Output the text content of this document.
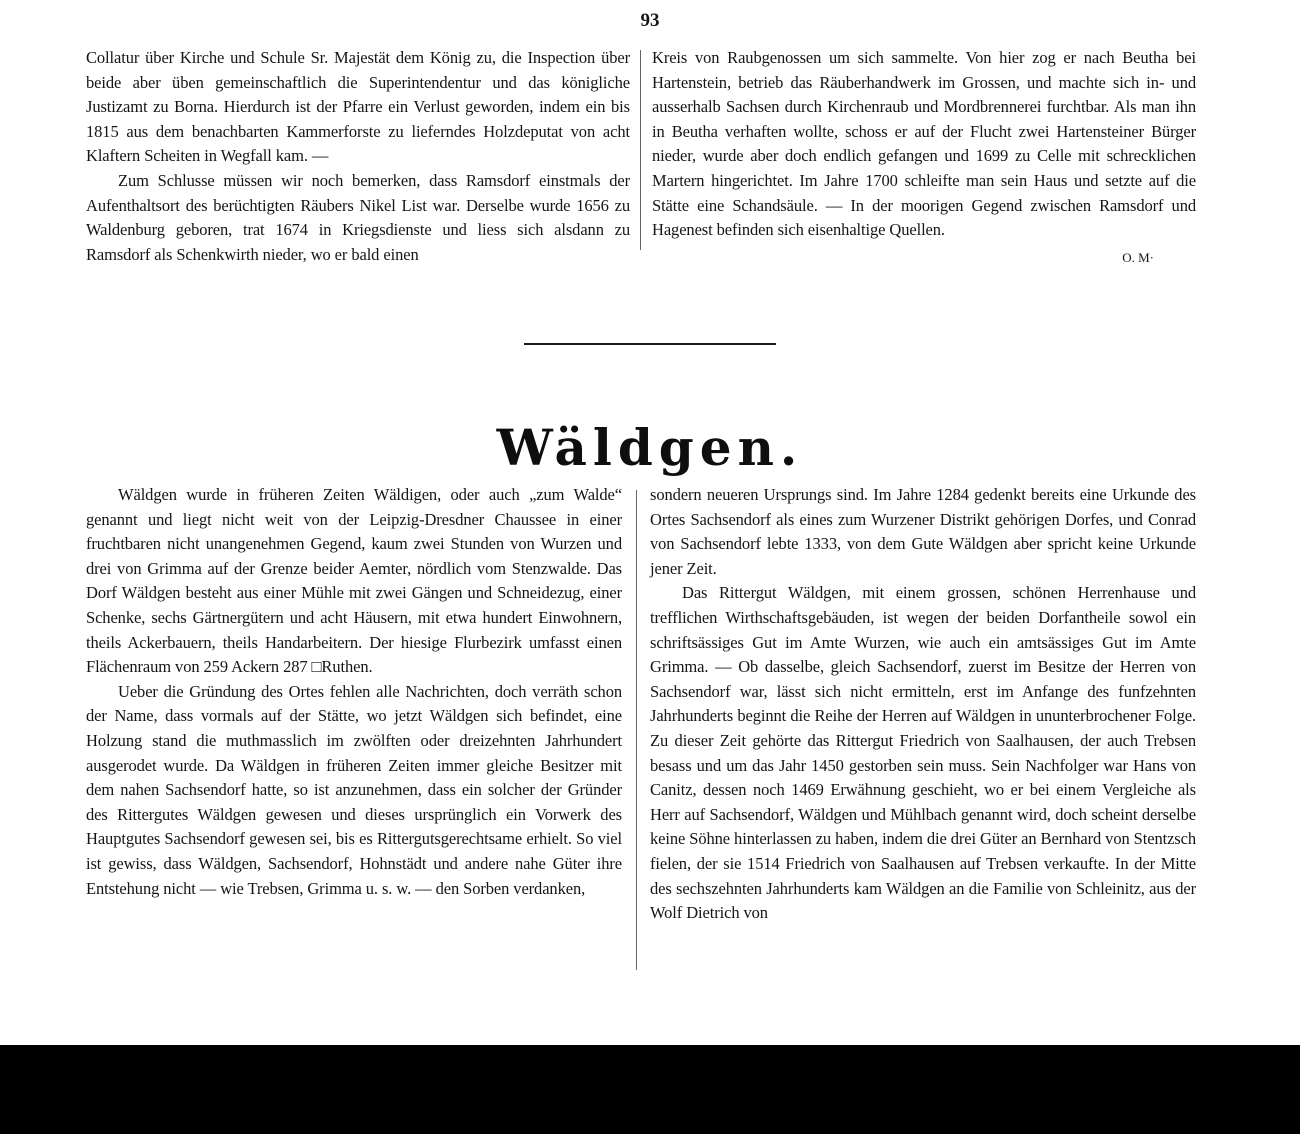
93

Collatur über Kirche und Schule Sr. Majestät dem König zu, die Inspection über beide aber üben gemeinschaftlich die Superintendentur und das königliche Justizamt zu Borna. Hierdurch ist der Pfarre ein Verlust geworden, indem ein bis 1815 aus dem benachbarten Kammerforste zu lieferndes Holzdeputat von acht Klaftern Scheiten in Wegfall kam. —

Zum Schlusse müssen wir noch bemerken, dass Ramsdorf einstmals der Aufenthaltsort des berüchtigten Räubers Nikel List war. Derselbe wurde 1656 zu Waldenburg geboren, trat 1674 in Kriegsdienste und liess sich alsdann zu Ramsdorf als Schenkwirth nieder, wo er bald einen

Kreis von Raubgenossen um sich sammelte. Von hier zog er nach Beutha bei Hartenstein, betrieb das Räuberhandwerk im Grossen, und machte sich in- und ausserhalb Sachsen durch Kirchenraub und Mordbrennerei furchtbar. Als man ihn in Beutha verhaften wollte, schoss er auf der Flucht zwei Hartensteiner Bürger nieder, wurde aber doch endlich gefangen und 1699 zu Celle mit schrecklichen Martern hingerichtet. Im Jahre 1700 schleifte man sein Haus und setzte auf die Stätte eine Schandsäule. — In der moorigen Gegend zwischen Ramsdorf und Hagenest befinden sich eisenhaltige Quellen.

O. M·
Wäldgen.

Wäldgen wurde in früheren Zeiten Wäldigen, oder auch „zum Walde“ genannt und liegt nicht weit von der Leipzig-Dresdner Chaussee in einer fruchtbaren nicht unangenehmen Gegend, kaum zwei Stunden von Wurzen und drei von Grimma auf der Grenze beider Aemter, nördlich vom Stenzwalde. Das Dorf Wäldgen besteht aus einer Mühle mit zwei Gängen und Schneidezug, einer Schenke, sechs Gärtnergütern und acht Häusern, mit etwa hundert Einwohnern, theils Ackerbauern, theils Handarbeitern. Der hiesige Flurbezirk umfasst einen Flächenraum von 259 Ackern 287 □Ruthen.

Ueber die Gründung des Ortes fehlen alle Nachrichten, doch verräth schon der Name, dass vormals auf der Stätte, wo jetzt Wäldgen sich befindet, eine Holzung stand die muthmasslich im zwölften oder dreizehnten Jahrhundert ausgerodet wurde. Da Wäldgen in früheren Zeiten immer gleiche Besitzer mit dem nahen Sachsendorf hatte, so ist anzunehmen, dass ein solcher der Gründer des Rittergutes Wäldgen gewesen und dieses ursprünglich ein Vorwerk des Hauptgutes Sachsendorf gewesen sei, bis es Rittergutsgerechtsame erhielt. So viel ist gewiss, dass Wäldgen, Sachsendorf, Hohnstädt und andere nahe Güter ihre Entstehung nicht — wie Trebsen, Grimma u. s. w. — den Sorben verdanken,

sondern neueren Ursprungs sind. Im Jahre 1284 gedenkt bereits eine Urkunde des Ortes Sachsendorf als eines zum Wurzener Distrikt gehörigen Dorfes, und Conrad von Sachsendorf lebte 1333, von dem Gute Wäldgen aber spricht keine Urkunde jener Zeit.

Das Rittergut Wäldgen, mit einem grossen, schönen Herrenhause und trefflichen Wirthschaftsgebäuden, ist wegen der beiden Dorfantheile sowol ein schriftsässiges Gut im Amte Wurzen, wie auch ein amtsässiges Gut im Amte Grimma. — Ob dasselbe, gleich Sachsendorf, zuerst im Besitze der Herren von Sachsendorf war, lässt sich nicht ermitteln, erst im Anfange des funfzehnten Jahrhunderts beginnt die Reihe der Herren auf Wäldgen in ununterbrochener Folge. Zu dieser Zeit gehörte das Rittergut Friedrich von Saalhausen, der auch Trebsen besass und um das Jahr 1450 gestorben sein muss. Sein Nachfolger war Hans von Canitz, dessen noch 1469 Erwähnung geschieht, wo er bei einem Vergleiche als Herr auf Sachsendorf, Wäldgen und Mühlbach genannt wird, doch scheint derselbe keine Söhne hinterlassen zu haben, indem die drei Güter an Bernhard von Stentzsch fielen, der sie 1514 Friedrich von Saalhausen auf Trebsen verkaufte. In der Mitte des sechszehnten Jahrhunderts kam Wäldgen an die Familie von Schleinitz, aus der Wolf Dietrich von
